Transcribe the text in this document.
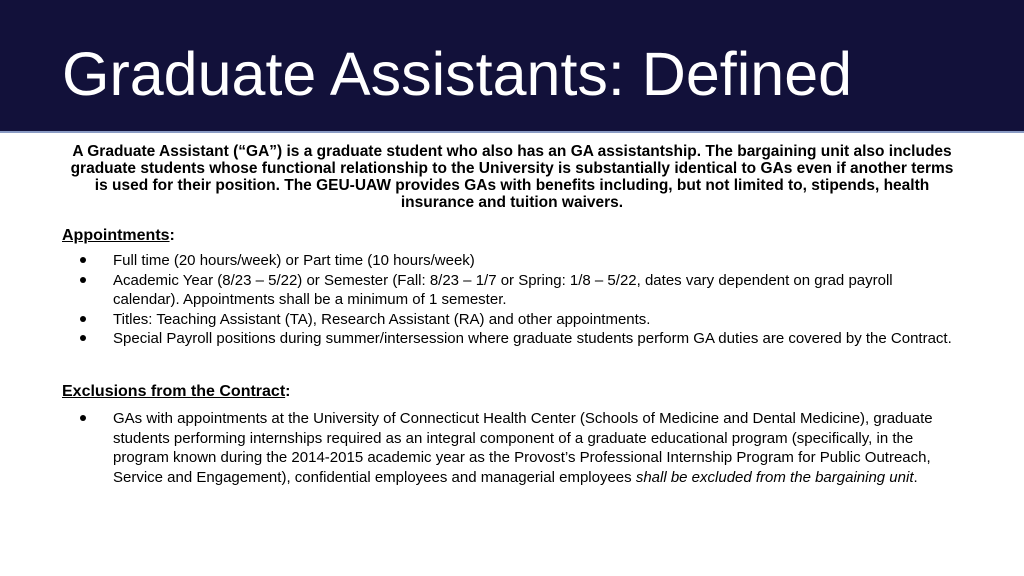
Graduate Assistants: Defined

A Graduate Assistant (“GA”) is a graduate student who also has an GA assistantship. The bargaining unit also includes graduate students whose functional relationship to the University is substantially identical to GAs even if another terms is used for their position. The GEU-UAW provides GAs with benefits including, but not limited to, stipends, health insurance and tuition waivers.

Appointments:

Full time (20 hours/week) or Part time (10 hours/week)
Academic Year (8/23 – 5/22) or Semester (Fall: 8/23 – 1/7 or Spring: 1/8 – 5/22, dates vary dependent on grad payroll calendar). Appointments shall be a minimum of 1 semester.
Titles: Teaching Assistant (TA), Research Assistant (RA) and other appointments.
Special Payroll positions during summer/intersession where graduate students perform GA duties are covered by the Contract.

Exclusions from the Contract:

GAs with appointments at the University of Connecticut Health Center (Schools of Medicine and Dental Medicine), graduate students performing internships required as an integral component of a graduate educational program (specifically, in the program known during the 2014-2015 academic year as the Provost’s Professional Internship Program for Public Outreach, Service and Engagement), confidential employees and managerial employees shall be excluded from the bargaining unit.
